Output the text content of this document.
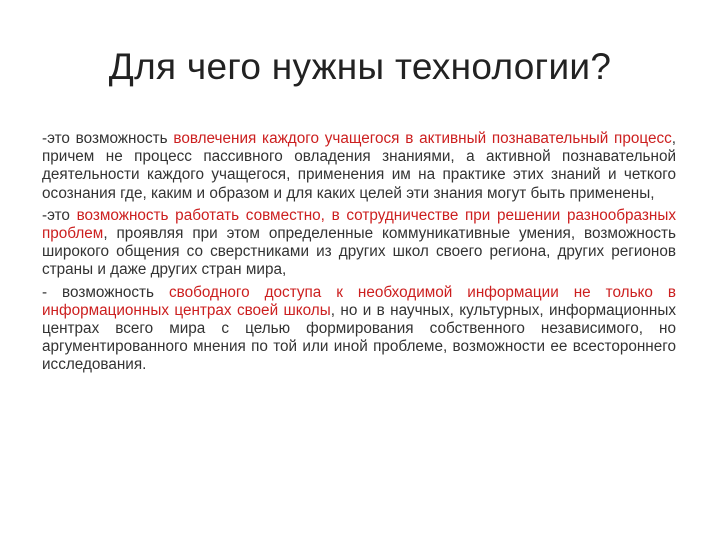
Для чего нужны технологии?

-это возможность вовлечения каждого учащегося в активный познавательный процесс, причем не процесс пассивного овладения знаниями, а активной познавательной деятельности каждого учащегося, применения им на практике этих знаний и четкого осознания где, каким и образом и для каких целей эти знания могут быть применены,

-это возможность работать совместно, в сотрудничестве при решении разнообразных проблем, проявляя при этом определенные коммуникативные умения, возможность широкого общения со сверстниками из других школ своего региона, других регионов страны и даже других стран мира,

- возможность свободного доступа к необходимой информации не только в информационных центрах своей школы, но и в научных, культурных, информационных центрах всего мира с целью формирования собственного независимого, но аргументированного мнения по той или иной проблеме, возможности ее всестороннего исследования.
